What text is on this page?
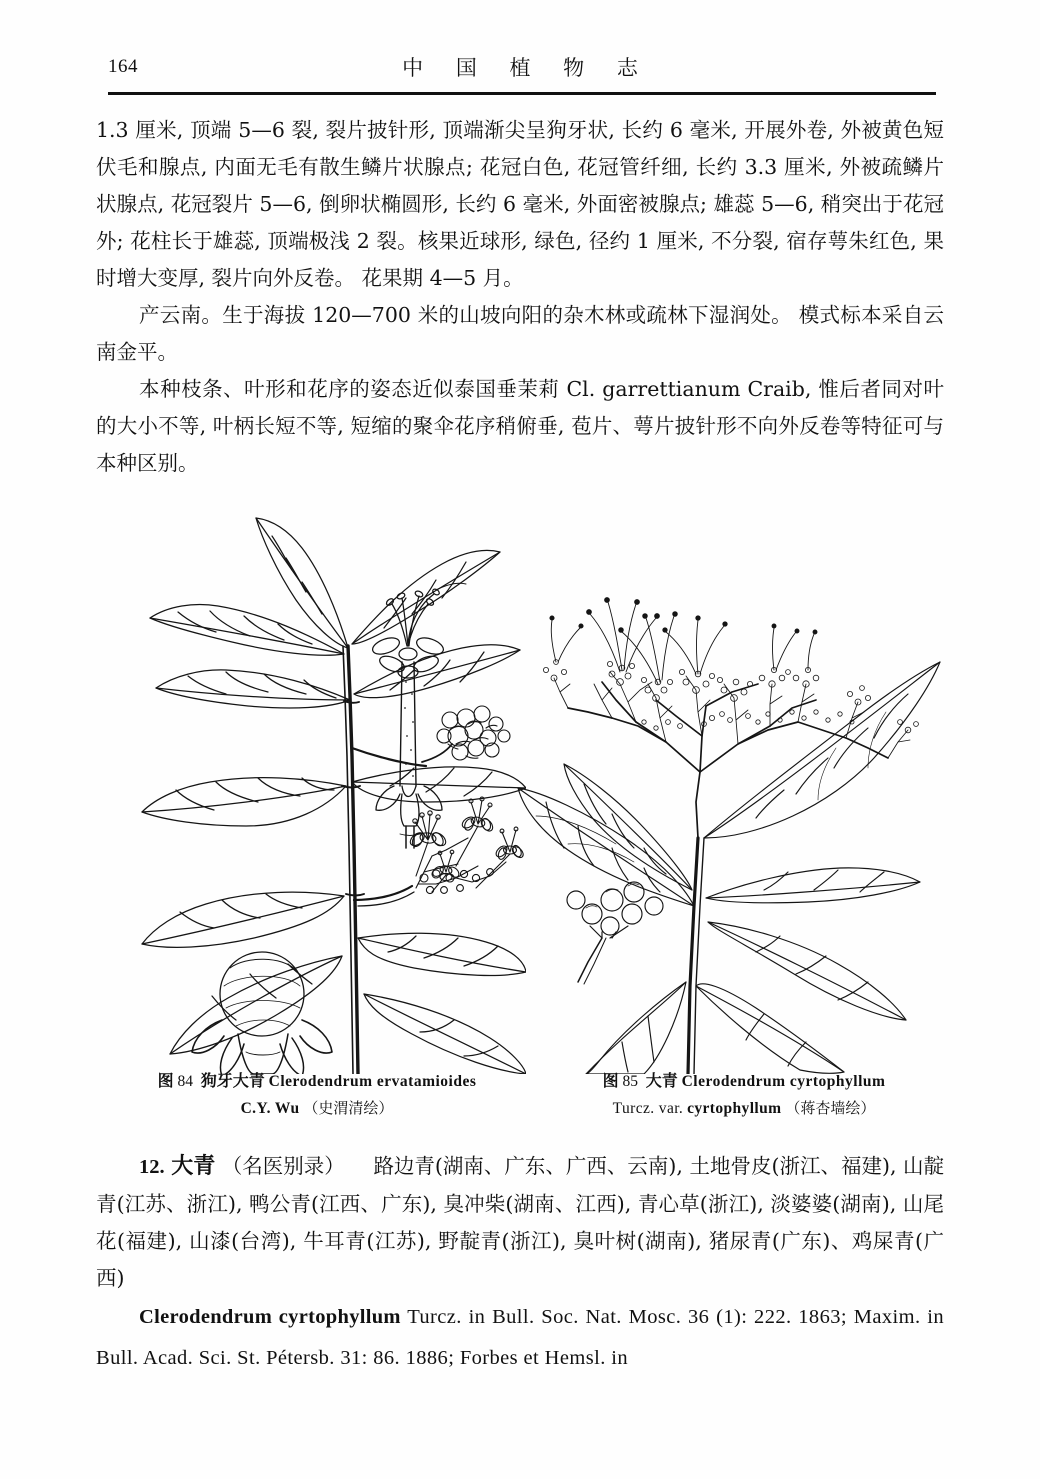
164	中 国 植 物 志

1.3 厘米, 顶端 5—6 裂, 裂片披针形, 顶端渐尖呈狗牙状, 长约 6 毫米, 开展外卷, 外被黄色短伏毛和腺点, 内面无毛有散生鳞片状腺点; 花冠白色, 花冠管纤细, 长约 3.3 厘米, 外被疏鳞片状腺点, 花冠裂片 5—6, 倒卵状椭圆形, 长约 6 毫米, 外面密被腺点; 雄蕊 5—6, 稍突出于花冠外; 花柱长于雄蕊, 顶端极浅 2 裂。核果近球形, 绿色, 径约 1 厘米, 不分裂, 宿存萼朱红色, 果时增大变厚, 裂片向外反卷。 花果期 4—5 月。

产云南。生于海拔 120—700 米的山坡向阳的杂木林或疏林下湿润处。 模式标本采自云南金平。

本种枝条、叶形和花序的姿态近似泰国垂茉莉 Cl. garrettianum Craib, 惟后者同对叶的大小不等, 叶柄长短不等, 短缩的聚伞花序稍俯垂, 苞片、萼片披针形不向外反卷等特征可与本种区别。

图 84 狗牙大青 Clerodendrum ervatamioides
C.Y. Wu （史渭清绘）
图 85 大青 Clerodendrum cyrtophyllum
Turcz. var. cyrtophyllum （蒋杏墙绘）

12. 大青 （名医别录） 路边青(湖南、广东、广西、云南), 土地骨皮(浙江、福建), 山靛青(江苏、浙江), 鸭公青(江西、广东), 臭冲柴(湖南、江西), 青心草(浙江), 淡婆婆(湖南), 山尾花(福建), 山漆(台湾), 牛耳青(江苏), 野靛青(浙江), 臭叶树(湖南), 猪尿青(广东)、鸡屎青(广西)

Clerodendrum cyrtophyllum Turcz. in Bull. Soc. Nat. Mosc. 36 (1): 222. 1863; Maxim. in Bull. Acad. Sci. St. Pétersb. 31: 86. 1886; Forbes et Hemsl. in
